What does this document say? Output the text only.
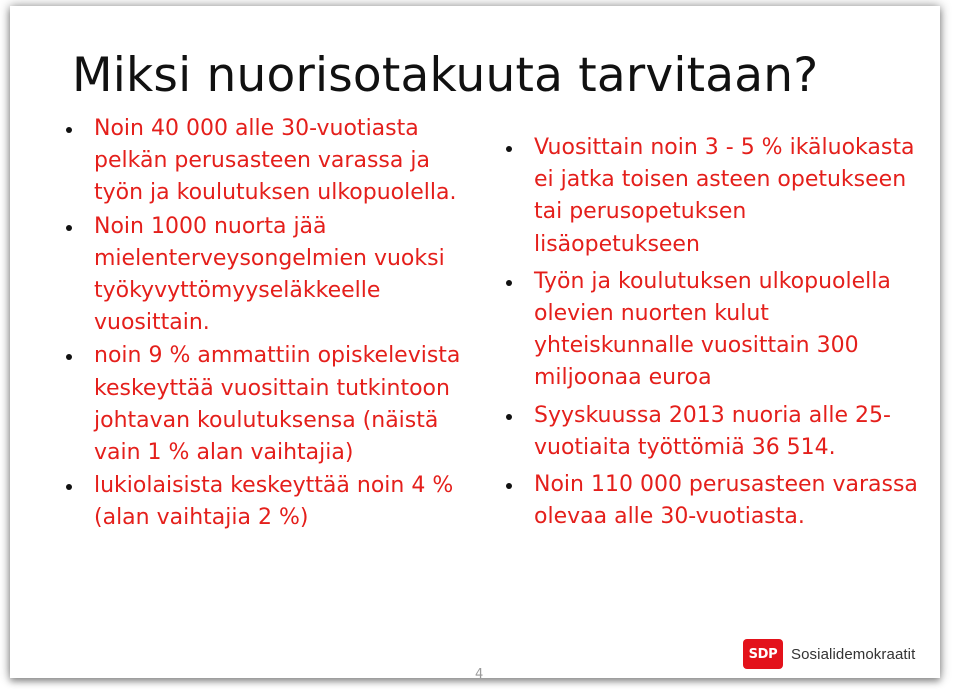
Miksi nuorisotakuuta tarvitaan?
Noin 40 000 alle 30-vuotiasta pelkän perusasteen varassa ja työn ja koulutuksen ulkopuolella.
Noin 1000 nuorta jää mielenterveysongelmien vuoksi työkyvyttömyyseläkkeelle vuosittain.
noin 9 % ammattiin opiskelevista keskeyttää vuosittain tutkintoon johtavan koulutuksensa (näistä vain 1 % alan vaihtajia)
lukiolaisista keskeyttää noin 4 % (alan vaihtajia 2 %)
Vuosittain noin 3 - 5 % ikäluokasta ei jatka toisen asteen opetukseen tai perusopetuksen lisäopetukseen
Työn ja koulutuksen ulkopuolella olevien nuorten kulut yhteiskunnalle vuosittain 300 miljoonaa euroa
Syyskuussa 2013 nuoria alle 25-vuotiaita työttömiä 36 514.
Noin 110 000 perusasteen varassa olevaa alle 30-vuotiasta.
4
SDP Sosialidemokraatit
